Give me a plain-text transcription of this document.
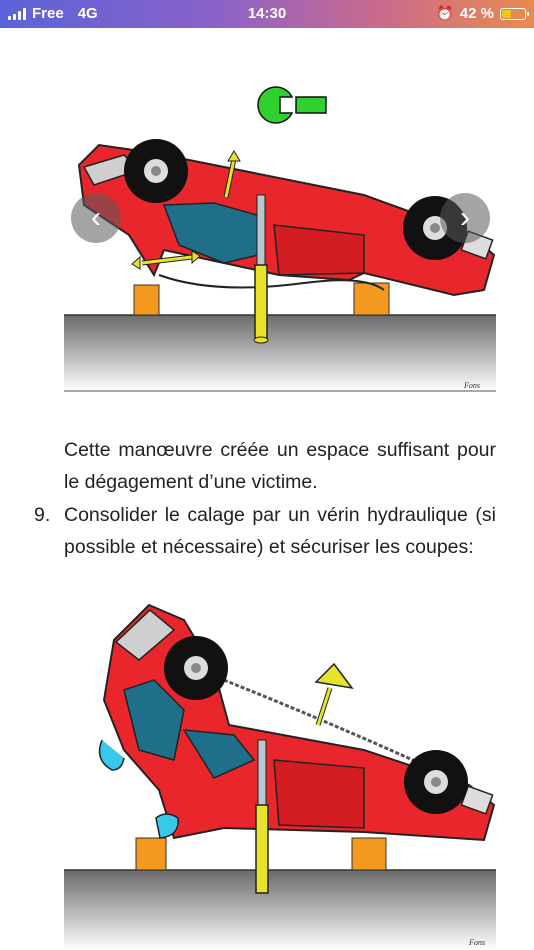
Free 4G	14:30	⏰ 42 %
Fons
‹	›
Cette manœuvre créée un espace suffisant pour le dégagement d’une victime.
9. Consolider le calage par un vérin hydraulique (si possible et nécessaire) et sécuriser les coupes:
Fons
